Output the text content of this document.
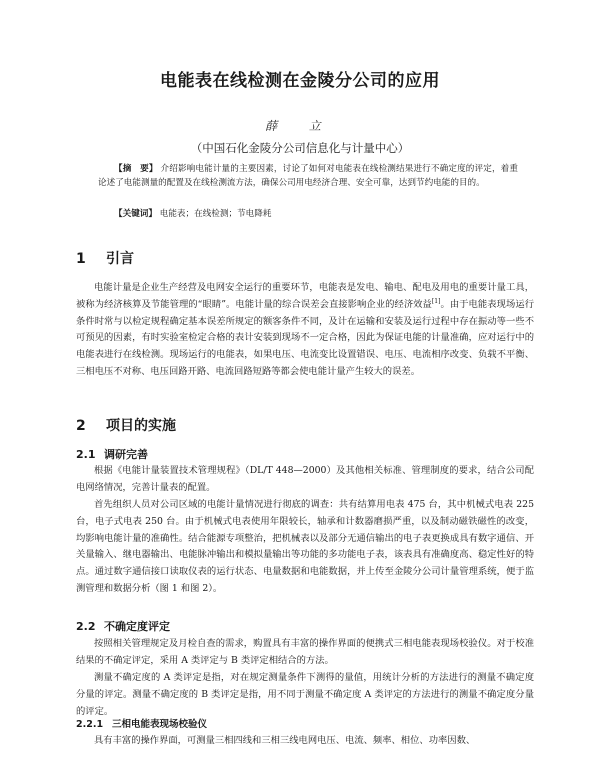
电能表在线检测在金陵分公司的应用
薛 立
（中国石化金陵分公司信息化与计量中心）
【摘　要】 介绍影响电能计量的主要因素，讨论了如何对电能表在线检测结果进行不确定度的评定，着重论述了电能测量的配置及在线检测流方法，确保公司用电经济合理、安全可靠，达到节约电能的目的。
【关键词】 电能表；在线检测；节电降耗
1 引言

电能计量是企业生产经营及电网安全运行的重要环节，电能表是发电、输电、配电及用电的重要计量工具，被称为经济核算及节能管理的“眼睛”。电能计量的综合误差会直接影响企业的经济效益[1]。由于电能表现场运行条件时常与以检定规程确定基本误差所规定的额客条件不同，及计在运输和安装及运行过程中存在振动等一些不可预见的因素，有时实验室检定合格的表计安装到现场不一定合格，因此为保证电能的计量准确，应对运行中的电能表进行在线检测。现场运行的电能表，如果电压、电流变比设置错误、电压、电流相序改变、负载不平衡、三相电压不对称、电压回路开路、电流回路短路等都会使电能计量产生较大的误差。

2 项目的实施
2.1 调研完善

根据《电能计量装置技术管理规程》（DL/T 448—2000）及其他相关标准、管理制度的要求，结合公司配电网络情况，完善计量表的配置。

首先组织人员对公司区域的电能计量情况进行彻底的调查：共有结算用电表 475 台，其中机械式电表 225 台，电子式电表 250 台。由于机械式电表使用年限较长，轴承和计数器磨损严重，以及制动磁铁磁性的改变，均影响电能计量的准确性。结合能源专项整治，把机械表以及部分无通信输出的电子表更换成具有数字通信、开关量输入、继电器输出、电能脉冲输出和模拟量输出等功能的多功能电子表，该表具有准确度高、稳定性好的特点。通过数字通信接口读取仪表的运行状态、电量数据和电能数据，并上传至金陵分公司计量管理系统，便于监测管理和数据分析（图 1 和图 2）。

2.2 不确定度评定

按照相关管理规定及月检自查的需求，购置具有丰富的操作界面的便携式三相电能表现场校验仪。对于校准结果的不确定评定，采用 A 类评定与 B 类评定相结合的方法。

测量不确定度的 A 类评定是指，对在规定测量条件下测得的量值，用统计分析的方法进行的测量不确定度分量的评定。测量不确定度的 B 类评定是指，用不同于测量不确定度 A 类评定的方法进行的测量不确定度分量的评定。

2.2.1 三相电能表现场校验仪

具有丰富的操作界面，可测量三相四线和三相三线电网电压、电流、频率、相位、功率因数、
